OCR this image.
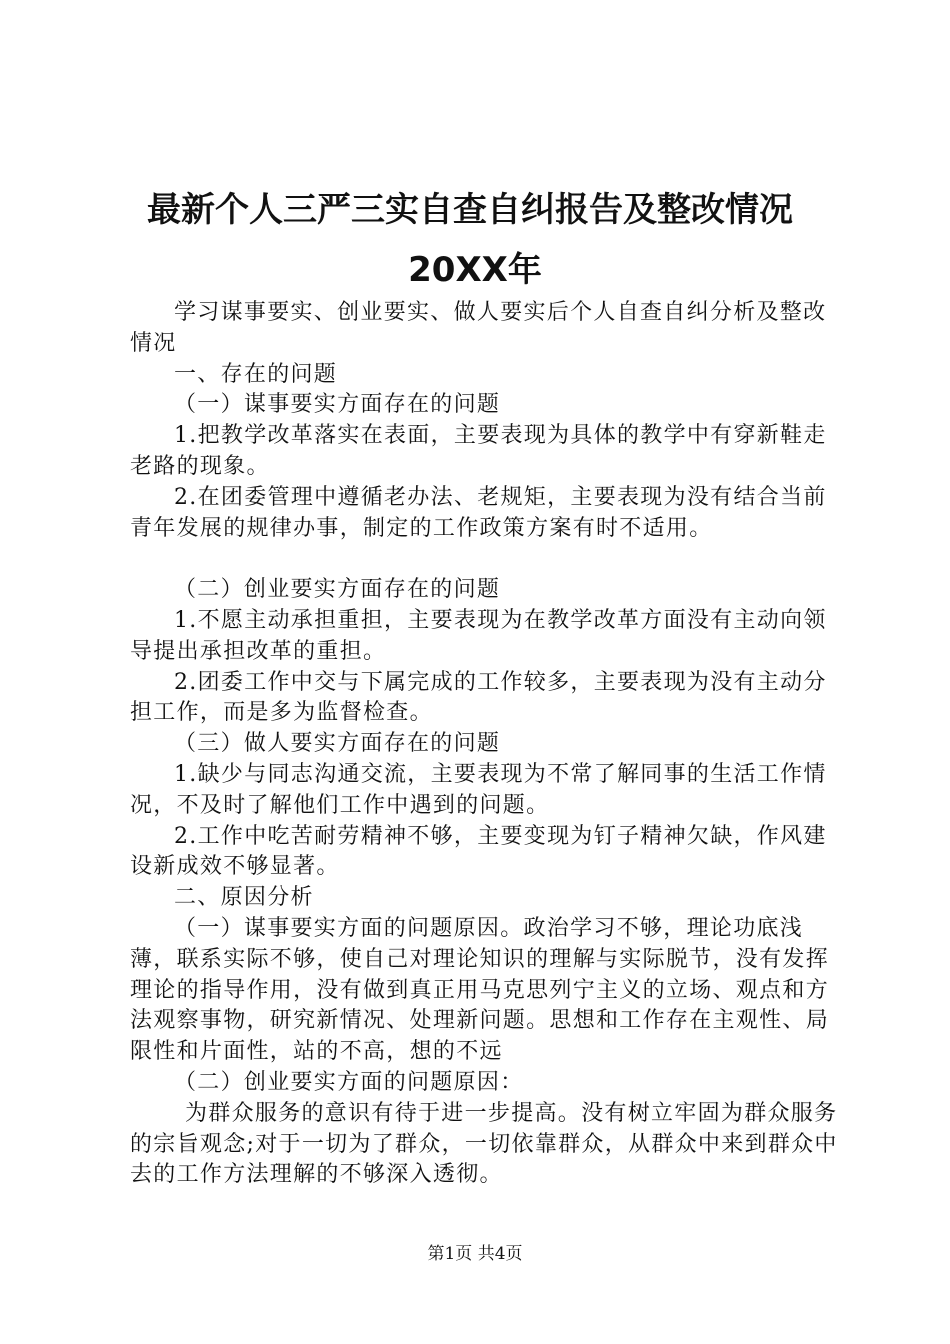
最新个人三严三实自查自纠报告及整改情况
20XX年

学习谋事要实、创业要实、做人要实后个人自查自纠分析及整改情况

一、存在的问题

（一）谋事要实方面存在的问题

1.把教学改革落实在表面，主要表现为具体的教学中有穿新鞋走老路的现象。

2.在团委管理中遵循老办法、老规矩，主要表现为没有结合当前青年发展的规律办事，制定的工作政策方案有时不适用。

（二）创业要实方面存在的问题

1.不愿主动承担重担，主要表现为在教学改革方面没有主动向领导提出承担改革的重担。

2.团委工作中交与下属完成的工作较多，主要表现为没有主动分担工作，而是多为监督检查。

（三）做人要实方面存在的问题

1.缺少与同志沟通交流，主要表现为不常了解同事的生活工作情况，不及时了解他们工作中遇到的问题。

2.工作中吃苦耐劳精神不够，主要变现为钉子精神欠缺，作风建设新成效不够显著。

二、原因分析

（一）谋事要实方面的问题原因。政治学习不够，理论功底浅薄，联系实际不够，使自己对理论知识的理解与实际脱节，没有发挥理论的指导作用，没有做到真正用马克思列宁主义的立场、观点和方法观察事物，研究新情况、处理新问题。思想和工作存在主观性、局限性和片面性，站的不高，想的不远

（二）创业要实方面的问题原因：

为群众服务的意识有待于进一步提高。没有树立牢固为群众服务的宗旨观念;对于一切为了群众，一切依靠群众，从群众中来到群众中去的工作方法理解的不够深入透彻。

第1页 共4页
